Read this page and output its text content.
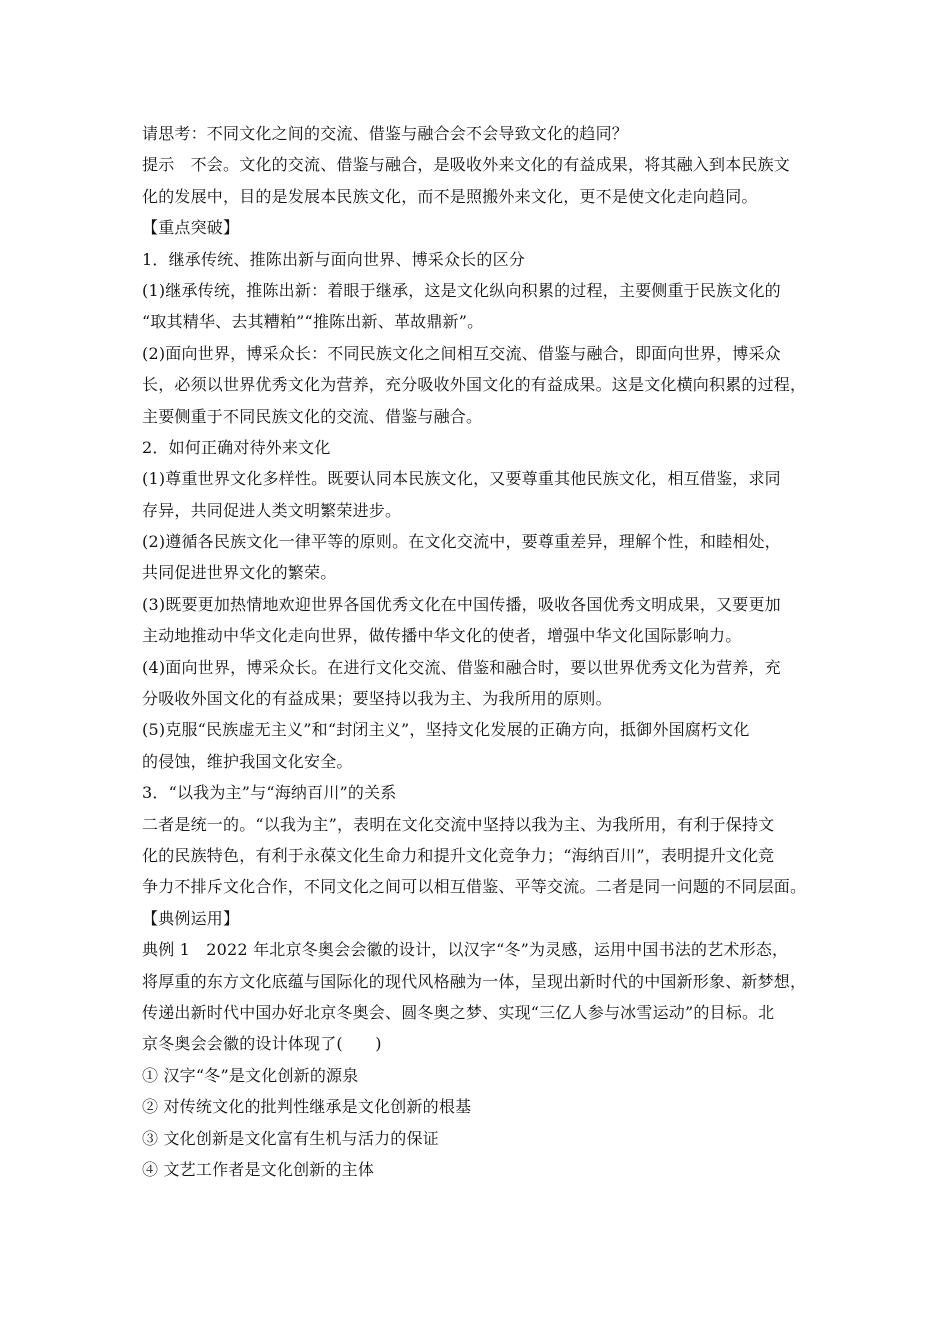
请思考：不同文化之间的交流、借鉴与融合会不会导致文化的趋同？
提示　不会。文化的交流、借鉴与融合，是吸收外来文化的有益成果，将其融入到本民族文
化的发展中，目的是发展本民族文化，而不是照搬外来文化，更不是使文化走向趋同。
【重点突破】
1．继承传统、推陈出新与面向世界、博采众长的区分
(1)继承传统，推陈出新：着眼于继承，这是文化纵向积累的过程，主要侧重于民族文化的
“取其精华、去其糟粕”“推陈出新、革故鼎新”。
(2)面向世界，博采众长：不同民族文化之间相互交流、借鉴与融合，即面向世界，博采众
长，必须以世界优秀文化为营养，充分吸收外国文化的有益成果。这是文化横向积累的过程，
主要侧重于不同民族文化的交流、借鉴与融合。
2．如何正确对待外来文化
(1)尊重世界文化多样性。既要认同本民族文化，又要尊重其他民族文化，相互借鉴，求同
存异，共同促进人类文明繁荣进步。
(2)遵循各民族文化一律平等的原则。在文化交流中，要尊重差异，理解个性，和睦相处，
共同促进世界文化的繁荣。
(3)既要更加热情地欢迎世界各国优秀文化在中国传播，吸收各国优秀文明成果，又要更加
主动地推动中华文化走向世界，做传播中华文化的使者，增强中华文化国际影响力。
(4)面向世界，博采众长。在进行文化交流、借鉴和融合时，要以世界优秀文化为营养，充
分吸收外国文化的有益成果；要坚持以我为主、为我所用的原则。
(5)克服“民族虚无主义”和“封闭主义”，坚持文化发展的正确方向，抵御外国腐朽文化
的侵蚀，维护我国文化安全。
3．“以我为主”与“海纳百川”的关系
二者是统一的。“以我为主”，表明在文化交流中坚持以我为主、为我所用，有利于保持文
化的民族特色，有利于永葆文化生命力和提升文化竞争力；“海纳百川”，表明提升文化竞
争力不排斥文化合作，不同文化之间可以相互借鉴、平等交流。二者是同一问题的不同层面。
【典例运用】
典例 1　2022 年北京冬奥会会徽的设计，以汉字“冬”为灵感，运用中国书法的艺术形态，
将厚重的东方文化底蕴与国际化的现代风格融为一体，呈现出新时代的中国新形象、新梦想，
传递出新时代中国办好北京冬奥会、圆冬奥之梦、实现“三亿人参与冰雪运动”的目标。北
京冬奥会会徽的设计体现了(　　)
① 汉字“冬”是文化创新的源泉
② 对传统文化的批判性继承是文化创新的根基
③ 文化创新是文化富有生机与活力的保证
④ 文艺工作者是文化创新的主体
